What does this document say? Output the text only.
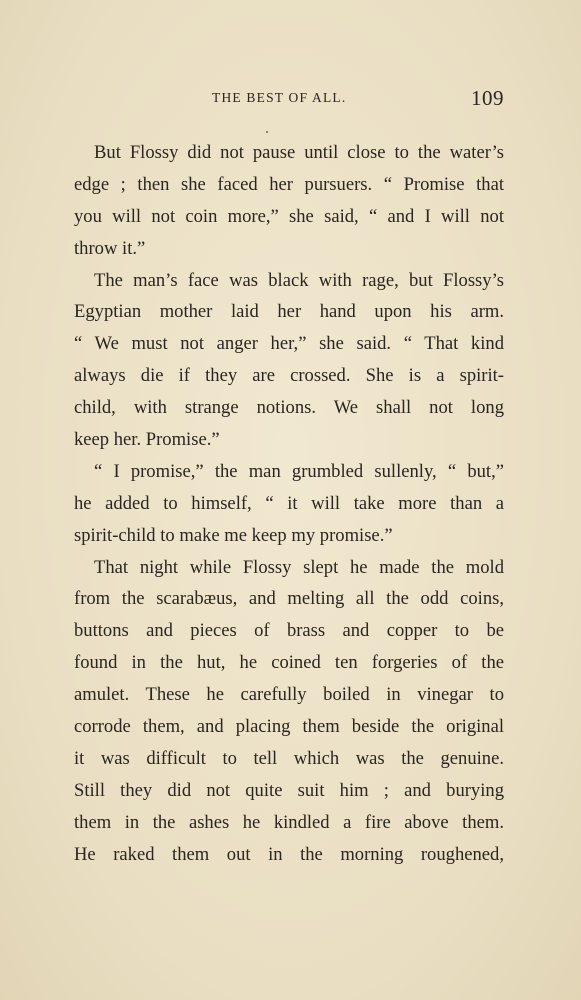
THE BEST OF ALL.	109
But Flossy did not pause until close to the water’s
edge ; then she faced her pursuers. “ Promise that
you will not coin more,” she said, “ and I will not
throw it.”
The man’s face was black with rage, but Flossy’s
Egyptian mother laid her hand upon his arm.
“ We must not anger her,” she said. “ That kind
always die if they are crossed. She is a spirit-
child, with strange notions. We shall not long
keep her. Promise.”
“ I promise,” the man grumbled sullenly, “ but,”
he added to himself, “ it will take more than a
spirit-child to make me keep my promise.”
That night while Flossy slept he made the mold
from the scarabæus, and melting all the odd coins,
buttons and pieces of brass and copper to be
found in the hut, he coined ten forgeries of the
amulet. These he carefully boiled in vinegar to
corrode them, and placing them beside the original
it was difficult to tell which was the genuine.
Still they did not quite suit him ; and burying
them in the ashes he kindled a fire above them.
He raked them out in the morning roughened,
